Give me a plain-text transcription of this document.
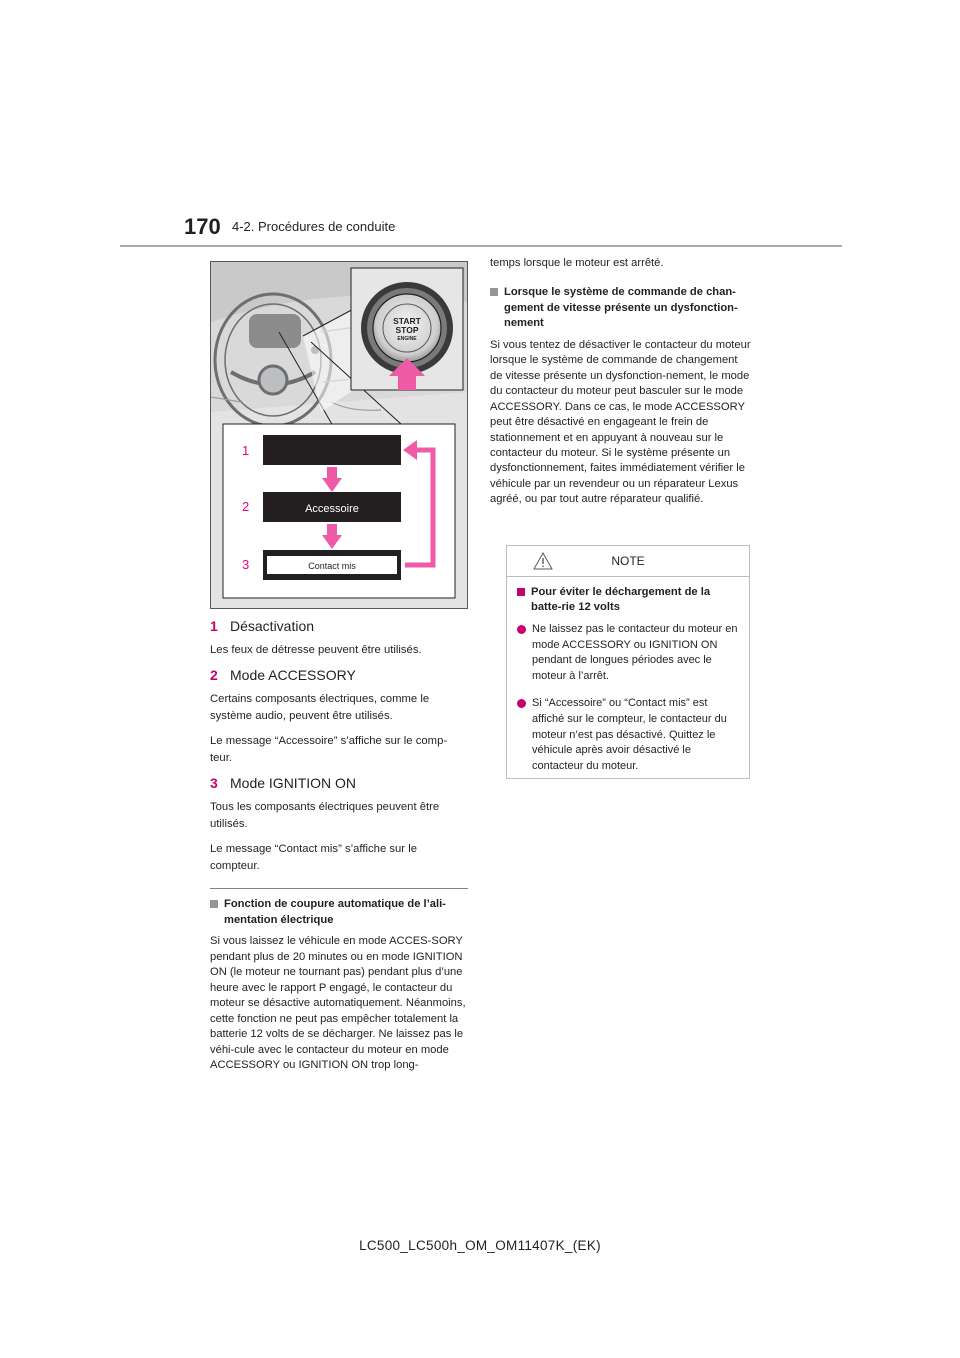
170 4-2. Procédures de conduite
START
STOP
ENGINE
1
2	Accessoire
3	Contact mis
1 Désactivation

Les feux de détresse peuvent être utilisés.

2 Mode ACCESSORY

Certains composants électriques, comme le système audio, peuvent être utilisés.

Le message “Accessoire” s’affiche sur le comp-teur.

3 Mode IGNITION ON

Tous les composants électriques peuvent être utilisés.

Le message “Contact mis” s’affiche sur le compteur.

Fonction de coupure automatique de l’ali-mentation électrique

Si vous laissez le véhicule en mode ACCES-SORY pendant plus de 20 minutes ou en mode IGNITION ON (le moteur ne tournant pas) pendant plus d’une heure avec le rapport P engagé, le contacteur du moteur se désactive automatiquement. Néanmoins, cette fonction ne peut pas empêcher totalement la batterie 12 volts de se décharger. Ne laissez pas le véhi-cule avec le contacteur du moteur en mode ACCESSORY ou IGNITION ON trop long-

temps lorsque le moteur est arrêté.

Lorsque le système de commande de chan-gement de vitesse présente un dysfonction-nement

Si vous tentez de désactiver le contacteur du moteur lorsque le système de commande de changement de vitesse présente un dysfonction-nement, le mode du contacteur du moteur peut basculer sur le mode ACCESSORY. Dans ce cas, le mode ACCESSORY peut être désactivé en engageant le frein de stationnement et en appuyant à nouveau sur le contacteur du moteur. Si le système présente un dysfonctionnement, faites immédiatement vérifier le véhicule par un revendeur ou un réparateur Lexus agréé, ou par tout autre réparateur qualifié.

NOTE
Pour éviter le déchargement de la batte-rie 12 volts
Ne laissez pas le contacteur du moteur en mode ACCESSORY ou IGNITION ON pendant de longues périodes avec le moteur à l’arrêt.
Si “Accessoire” ou “Contact mis” est affiché sur le compteur, le contacteur du moteur n’est pas désactivé. Quittez le véhicule après avoir désactivé le contacteur du moteur.
LC500_LC500h_OM_OM11407K_(EK)
